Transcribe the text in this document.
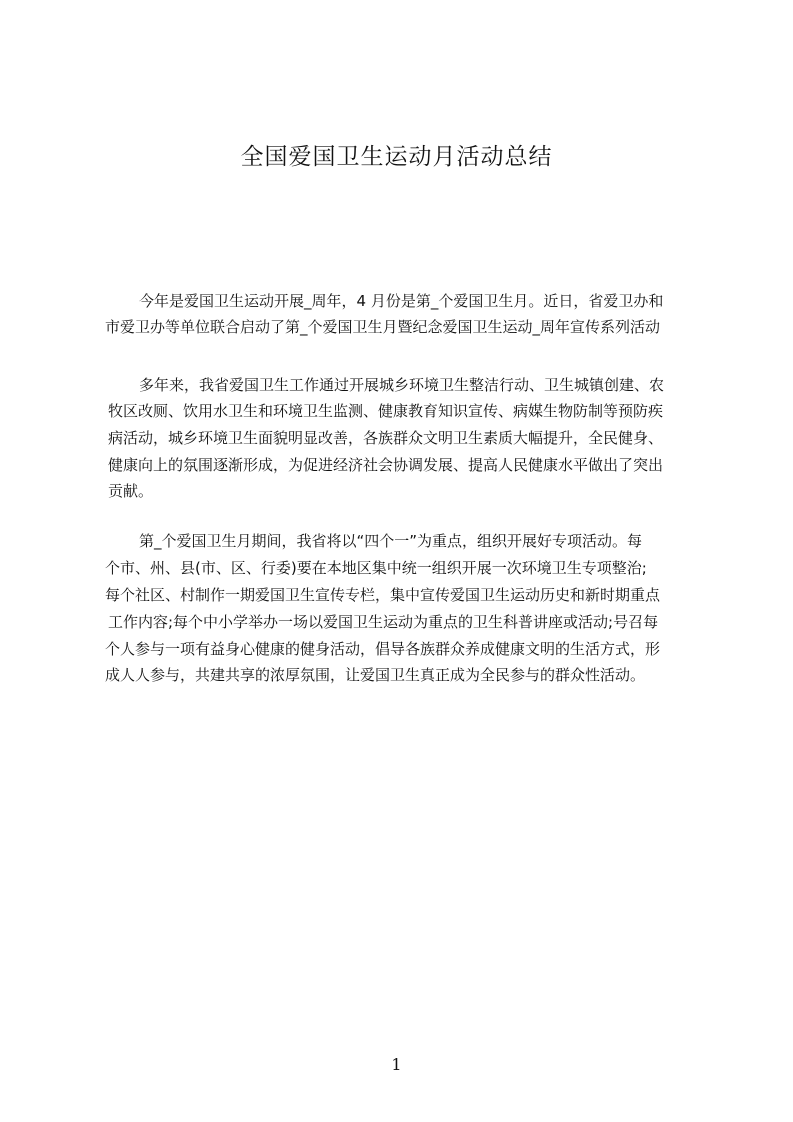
全国爱国卫生运动月活动总结
今年是爱国卫生运动开展_周年，4 月份是第_个爱国卫生月。近日，省爱卫办和
市爱卫办等单位联合启动了第_个爱国卫生月暨纪念爱国卫生运动_周年宣传系列活动
多年来，我省爱国卫生工作通过开展城乡环境卫生整洁行动、卫生城镇创建、农
牧区改厕、饮用水卫生和环境卫生监测、健康教育知识宣传、病媒生物防制等预防疾
病活动，城乡环境卫生面貌明显改善，各族群众文明卫生素质大幅提升，全民健身、
健康向上的氛围逐渐形成，为促进经济社会协调发展、提高人民健康水平做出了突出
贡献。
第_个爱国卫生月期间，我省将以“四个一”为重点，组织开展好专项活动。每
个市、州、县(市、区、行委)要在本地区集中统一组织开展一次环境卫生专项整治;
每个社区、村制作一期爱国卫生宣传专栏，集中宣传爱国卫生运动历史和新时期重点
工作内容;每个中小学举办一场以爱国卫生运动为重点的卫生科普讲座或活动;号召每
个人参与一项有益身心健康的健身活动，倡导各族群众养成健康文明的生活方式，形
成人人参与，共建共享的浓厚氛围，让爱国卫生真正成为全民参与的群众性活动。
1
